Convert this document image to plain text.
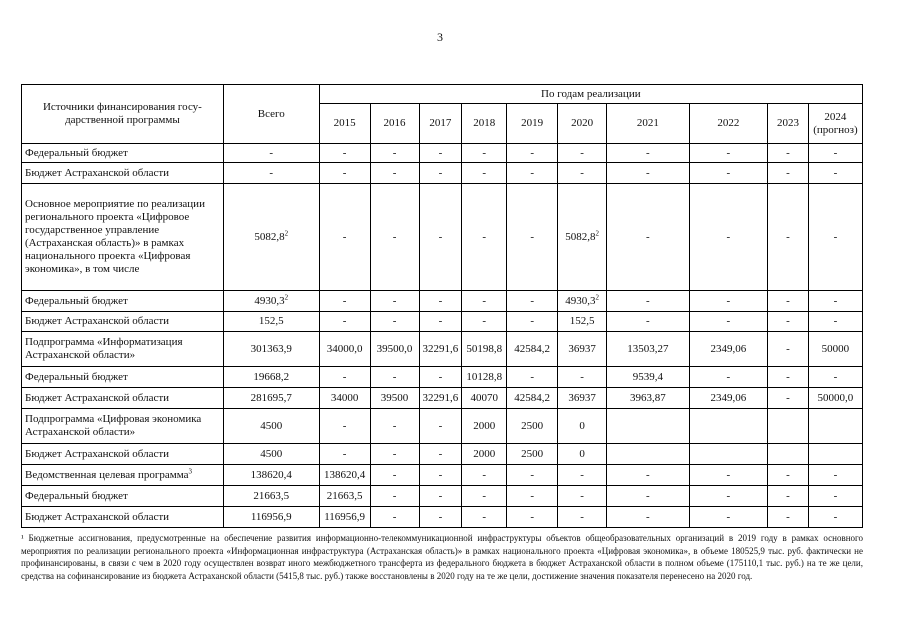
3
Источники финансирования госу-дарственной программы	Всего	По годам реализации									
		2015	2016	2017	2018	2019	2020	2021	2022	2023	2024 (прогноз)
Федеральный бюджет	-	-	-	-	-	-	-	-	-	-	-
Бюджет Астраханской области	-	-	-	-	-	-	-	-	-	-	-
Основное мероприятие по реализации регионального проекта «Цифровое государственное управление (Астраханская область)» в рамках национального проекта «Цифровая экономика», в том числе	5082,8$^2$	-	-	-	-	-	5082,8$^2$	-	-	-	-
Федеральный бюджет	4930,3$^2$	-	-	-	-	-	4930,3$^2$	-	-	-	-
Бюджет Астраханской области	152,5	-	-	-	-	-	152,5	-	-	-	-
Подпрограмма «Информатизация Астраханской области»	301363,9	34000,0	39500,0	32291,6	50198,8	42584,2	36937	13503,27	2349,06	-	50000
Федеральный бюджет	19668,2	-	-	-	10128,8	-	-	9539,4	-	-	-
Бюджет Астраханской области	281695,7	34000	39500	32291,6	40070	42584,2	36937	3963,87	2349,06	-	50000,0
Подпрограмма «Цифровая экономика Астраханской области»	4500	-	-	-	2000	2500	0				
Бюджет Астраханской области	4500	-	-	-	2000	2500	0				
Ведомственная целевая программа$^3$	138620,4	138620,4	-	-	-	-	-	-	-	-	-
Федеральный бюджет	21663,5	21663,5	-	-	-	-	-	-	-	-	-
Бюджет Астраханской области	116956,9	116956,9	-	-	-	-	-	-	-	-	-
¹ Бюджетные ассигнования, предусмотренные на обеспечение развития информационно-телекоммуникационной инфраструктуры объектов общеобразовательных организаций в 2019 году в рамках основного мероприятия по реализации регионального проекта «Информационная инфраструктура (Астраханская область)» в рамках национального проекта «Цифровая экономика», в объеме 180525,9 тыс. руб. фактически не профинансированы, в связи с чем в 2020 году осуществлен возврат иного межбюджетного трансферта из федерального бюджета в бюджет Астраханской области в полном объеме (175110,1 тыс. руб.) на те же цели, средства на софинансирование из бюджета Астраханской области (5415,8 тыс. руб.) также восстановлены в 2020 году на те же цели, достижение значения показателя перенесено на 2020 год.
